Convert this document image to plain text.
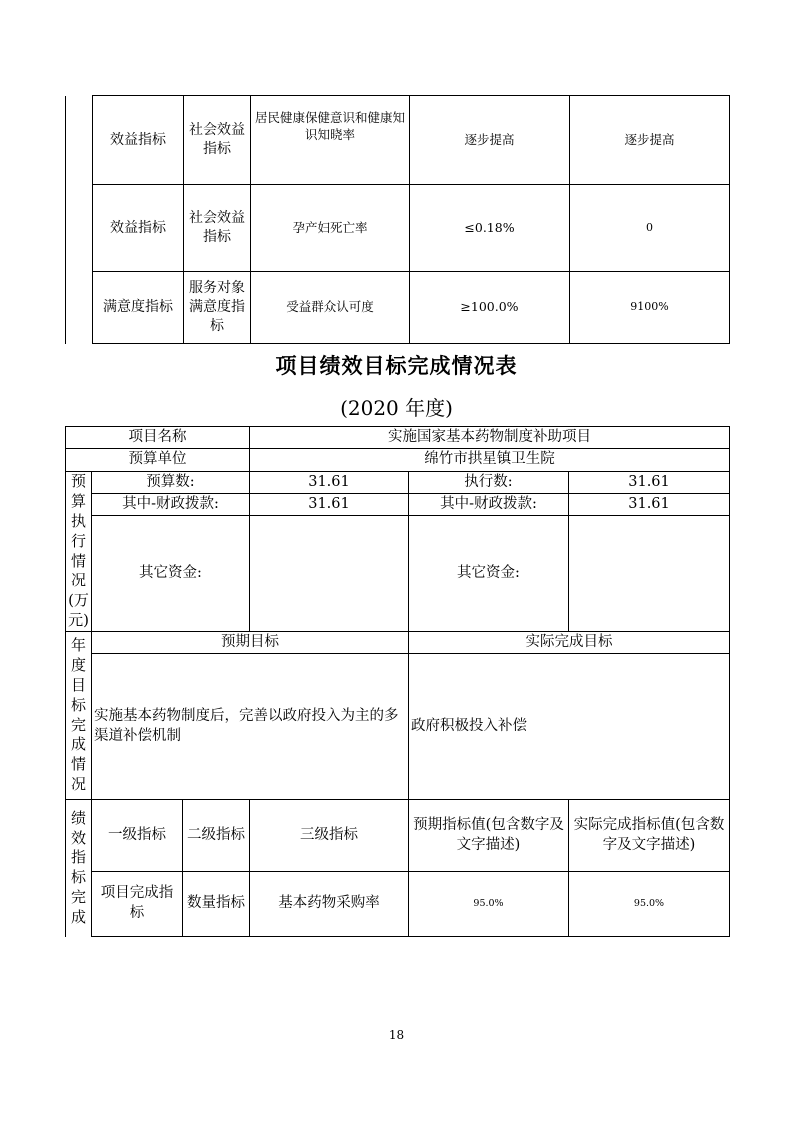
	效益指标	社会效益指标	居民健康保健意识和健康知识知晓率	逐步提高	逐步提高
	效益指标	社会效益指标	孕产妇死亡率	≤0.18%	0
	满意度指标	服务对象满意度指标	受益群众认可度	≥100.0%	9100%
项目绩效目标完成情况表
(2020 年度)
项目名称			实施国家基本药物制度补助项目		
预算单位			绵竹市拱星镇卫生院		
预算执行情况(万元)	预算数:		31.61	执行数:	31.61
	其中-财政拨款:		31.61	其中-财政拨款:	31.61
	其它资金:			其它资金:	

年度目标完成情况	预期目标			实际完成目标	
	实施基本药物制度后，完善以政府投入为主的多渠道补偿机制			政府积极投入补偿	
绩效指标完成	一级指标	二级指标	三级指标	预期指标值(包含数字及文字描述)	实际完成指标值(包含数字及文字描述)
	项目完成指标	数量指标	基本药物采购率	95.0%	95.0%
18
